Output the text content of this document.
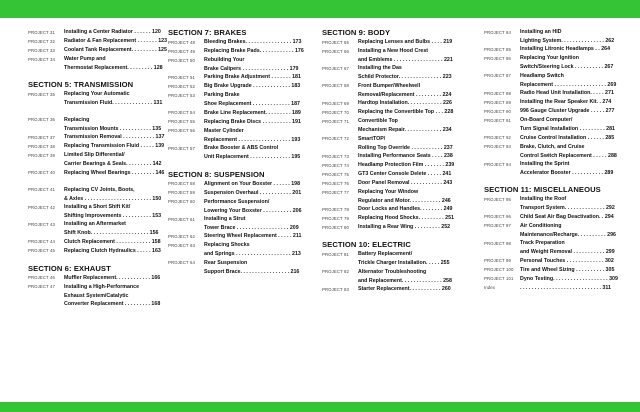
PROJECT 31	Installing a Center Radiator . . . . . . 120
PROJECT 32	Radiator & Fan Replacement . . . . . . . 123
PROJECT 33	Coolant Tank Replacement. . . . . . . . . 125
PROJECT 34	Water Pump and
Thermostat Replacement. . . . . . . . . 128
SECTION 5: TRANSMISSION
PROJECT 35	Replacing Your Automatic
Transmission Fluid. . . . . . . . . . . . . . 131
PROJECT 36	Replacing
Transmission Mounts . . . . . . . . . . . 135
PROJECT 37	Transmission Removal . . . . . . . . . . . 137
PROJECT 38	Replacing Transmission Fluid . . . . . 139
PROJECT 39	Limited Slip Differential/
Carrier Bearings & Seals. . . . . . . . . 142
PROJECT 40	Replacing Wheel Bearings . . . . . . . . 146
PROJECT 41	Replacing CV Joints, Boots,
& Axles . . . . . . . . . . . . . . . . . . . . . . . 150
PROJECT 42	Installing a Short Shift Kit/
Shifting Improvements . . . . . . . . . . 153
PROJECT 43	Installing an Aftermarket
Shift Knob. . . . . . . . . . . . . . . . . . . . 156
PROJECT 44	Clutch Replacement . . . . . . . . . . . . 158
PROJECT 45	Replacing Clutch Hydraulics . . . . . 163
SECTION 6: EXHAUST
PROJECT 46	Muffler Replacement. . . . . . . . . . . . 166
PROJECT 47	Installing a High-Performance
Exhaust System/Catalytic
Converter Replacement . . . . . . . . . 168
SECTION 7: BRAKES
PROJECT 48	Bleeding Brakes. . . . . . . . . . . . . . . . 173
PROJECT 49	Replacing Brake Pads. . . . . . . . . . . . 176
PROJECT 50	Rebuilding Your
Brake Calipers . . . . . . . . . . . . . . . . 179
PROJECT 51	Parking Brake Adjustment . . . . . . . 181
PROJECT 52	Big Brake Upgrade . . . . . . . . . . . . . 183
PROJECT 53	Parking Brake
Shoe Replacement . . . . . . . . . . . . . 187
PROJECT 54	Brake Line Replacement. . . . . . . . . 189
PROJECT 55	Replacing Brake Discs . . . . . . . . . . 191
PROJECT 56	Master Cylinder
Replacement . . . . . . . . . . . . . . . . . . 193
PROJECT 57	Brake Booster & ABS Control
Unit Replacement . . . . . . . . . . . . . . 195
SECTION 8: SUSPENSION
PROJECT 58	Alignment on Your Boxster . . . . . . 198
PROJECT 59	Suspension Overhaul . . . . . . . . . . . 201
PROJECT 60	Performance Suspension/
Lowering Your Boxster . . . . . . . . . . 206
PROJECT 61	Installing a Strut
Tower Brace . . . . . . . . . . . . . . . . . . 209
PROJECT 62	Steering Wheel Replacement . . . . . 211
PROJECT 63	Replacing Shocks
and Springs . . . . . . . . . . . . . . . . . . . 213
PROJECT 64	Rear Suspension
Support Brace. . . . . . . . . . . . . . . . . 216
SECTION 9: BODY
PROJECT 65	Replacing Lenses and Bulbs . . . . 219
PROJECT 66	Installing a New Hood Crest
and Emblems . . . . . . . . . . . . . . . . . 221
PROJECT 67	Installing the Das
Schild Protector. . . . . . . . . . . . . . . 223
PROJECT 68	Front Bumper/Wheelwell
Removal/Replacement . . . . . . . . . 224
PROJECT 69	Hardtop Installation. . . . . . . . . . . . 226
PROJECT 70	Replacing the Convertible Top . . . 228
PROJECT 71	Convertible Top
Mechanism Repair. . . . . . . . . . . . . 234
PROJECT 72	SmartTOP/
Rolling Top Override . . . . . . . . . . . 237
PROJECT 73	Installing Performance Seats . . . . 238
PROJECT 74	Headlamp Protection Film . . . . . . . 239
PROJECT 75	GT3 Center Console Delete . . . . . 241
PROJECT 76	Door Panel Removal . . . . . . . . . . . 243
PROJECT 77	Replacing Your Window
Regulator and Motor. . . . . . . . . . . 246
PROJECT 78	Door Locks and Handles. . . . . . . . 249
PROJECT 79	Replacing Hood Shocks. . . . . . . . . 251
PROJECT 80	Installing a Rear Wing . . . . . . . . . 252
SECTION 10: ELECTRIC
PROJECT 81	Battery Replacement/
Trickle Charger Installation. . . . . 255
PROJECT 82	Alternator Troubleshooting
and Replacement. . . . . . . . . . . . . . 258
PROJECT 83	Starter Replacement. . . . . . . . . . . 260
PROJECT 84	Installing an HID
Lighting System. . . . . . . . . . . . . . . 262
PROJECT 85	Installing Litronic Headlamps . . 264
PROJECT 86	Replacing Your Ignition
Switch/Steering Lock . . . . . . . . . . 267
PROJECT 87	Headlamp Switch
Replacement . . . . . . . . . . . . . . . . . . 269
PROJECT 88	Radio Head Unit Installation. . . . . 271
PROJECT 89	Installing the Rear Speaker Kit. . 274
PROJECT 90	996 Gauge Cluster Upgrade . . . . . 277
PROJECT 91	On-Board Computer/
Turn Signal Installation . . . . . . . . . 281
PROJECT 92	Cruise Control Installation . . . . . . 285
PROJECT 93	Brake, Clutch, and Cruise
Control Switch Replacement . . . . . 288
PROJECT 94	Installing the Sprint
Accelerator Booster . . . . . . . . . . . 289
SECTION 11: MISCELLANEOUS
PROJECT 95	Installing the Roof
Transport System. . . . . . . . . . . . . . 292
PROJECT 96	Child Seat Air Bag Deactivation. . 294
PROJECT 97	Air Conditioning
Maintenance/Recharge. . . . . . . . . . 296
PROJECT 98	Track Preparation
and Weight Removal . . . . . . . . . . . 299
PROJECT 99	Personal Touches . . . . . . . . . . . . . 302
PROJECT 100	Tire and Wheel Sizing . . . . . . . . . . 305
PROJECT 101	Dyno Testing. . . . . . . . . . . . . . . . . . . 309
Index	. . . . . . . . . . . . . . . . . . . . . . . . . . . . 311
